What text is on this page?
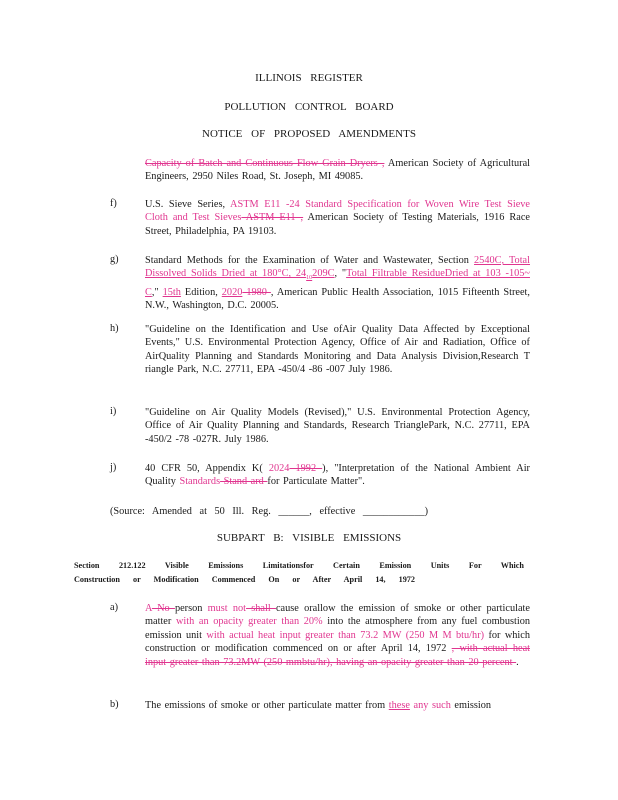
ILLINOIS REGISTER
POLLUTION CONTROL BOARD
NOTICE OF PROPOSED AMENDMENTS
Capacity of Batch and Continuous Flow Grain Dryers , American Society of Agricultural Engineers, 2950 Niles Road, St. Joseph, MI 49085.
f)	U.S. Sieve Series, ASTM E11 -24 Standard Specification for Woven Wire Test Sieve Cloth and Test Sieves ASTM E11 , American Society of Testing Materials, 1916 Race Street, Philadelphia, PA 19103.
g)	Standard Methods for the Examination of Water and Wastewater, Section 2540C, Total Dissolved Solids Dried at 180°C, $24_{10}209C$, "Total Filtrable ResidueDried at 103 -105~ C," 15th Edition, 2020 1980 , American Public Health Association, 1015 Fifteenth Street, N.W., Washington, D.C. 20005.
h)	"Guideline on the Identification and Use ofAir Quality Data Affected by Exceptional Events," U.S. Environmental Protection Agency, Office of Air and Radiation, Office of AirQuality Planning and Standards Monitoring and Data Analysis Division,Research T riangle Park, N.C. 27711, EPA -450/4 -86 -007 July 1986.
i)	"Guideline on Air Quality Models (Revised)," U.S. Environmental Protection Agency, Office of Air Quality Planning and Standards, Research TrianglePark, N.C. 27711, EPA -450/2 -78 -027R. July 1986.
j)	40 CFR 50, Appendix K( 2024 1992 ), "Interpretation of the National Ambient Air Quality Standards Stand ard for Particulate Matter".
(Source: Amended at 50 Ill. Reg. ______, effective ____________)
SUBPART B: VISIBLE EMISSIONS
Section 212.122 Visible Emissions Limitationsfor Certain Emission Units For Which
Construction or Modification Commenced On or After April 14, 1972
a)	A No person must not shall cause orallow the emission of smoke or other particulate matter with an opacity greater than 20% into the atmosphere from any fuel combustion emission unit with actual heat input greater than 73.2 MW (250 M M btu/hr) for which construction or modification commenced on or after April 14, 1972 , with actual heat input greater than 73.2MW (250 mmbtu/hr), having an opacity greater than 20 percent .
b)	The emissions of smoke or other particulate matter from these any such emission
